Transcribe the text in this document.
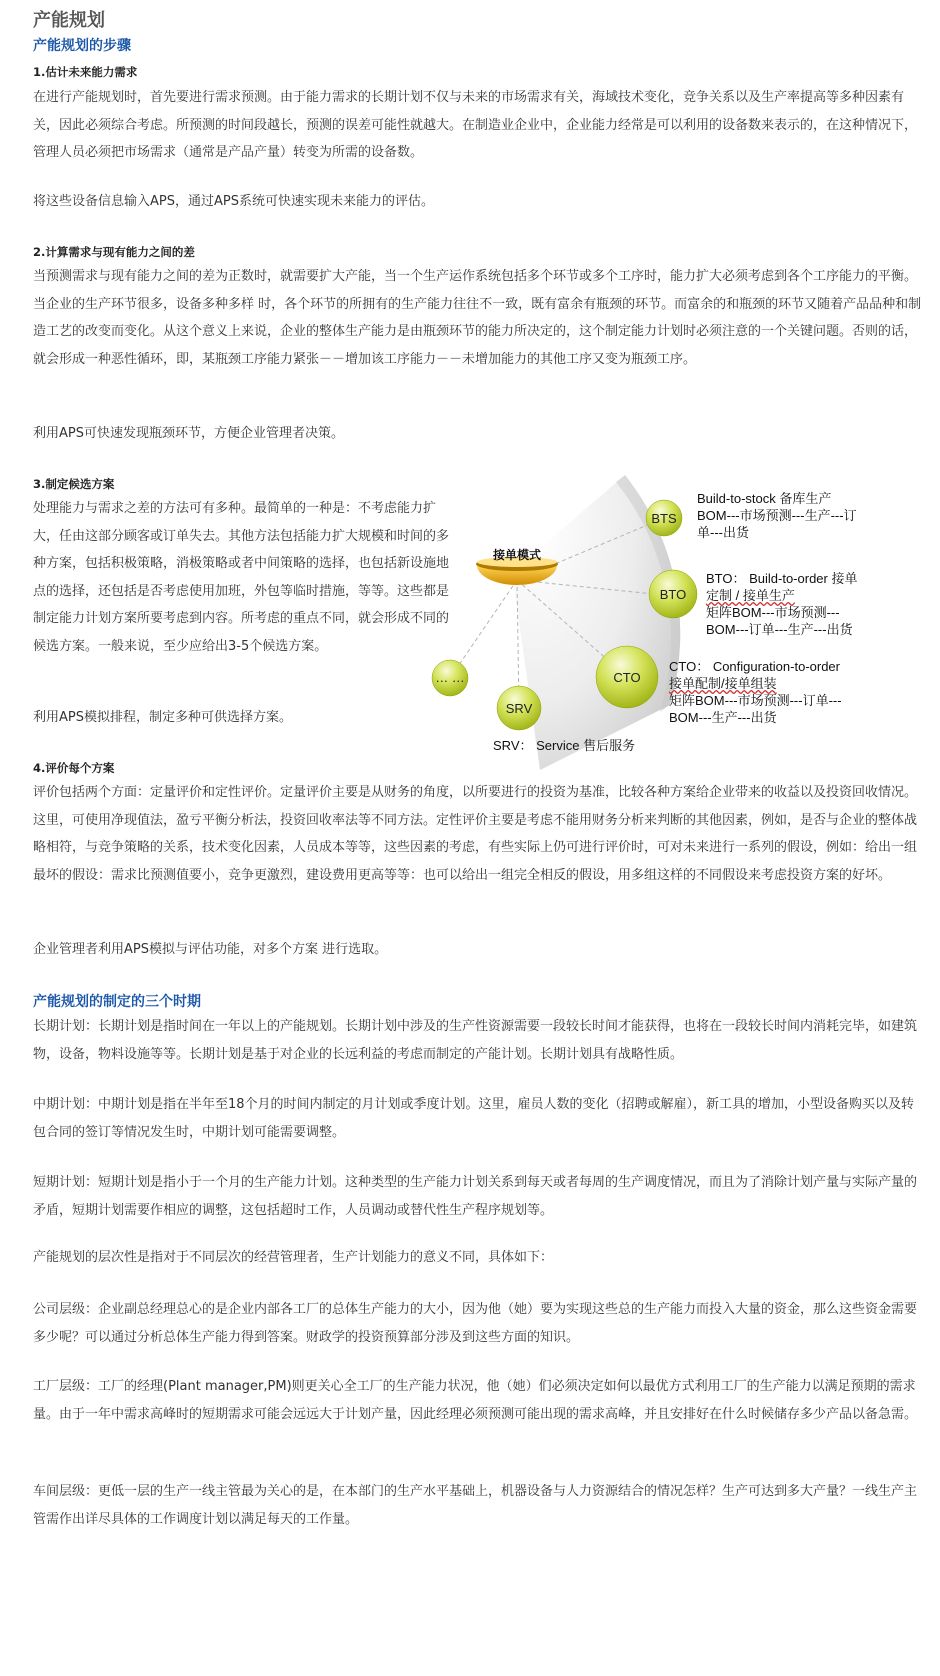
产能规划
产能规划的步骤
1.估计未来能力需求

在进行产能规划时，首先要进行需求预测。由于能力需求的长期计划不仅与未来的市场需求有关，海域技术变化，竞争关系以及生产率提高等多种因素有关，因此必须综合考虑。所预测的时间段越长，预测的误差可能性就越大。在制造业企业中，企业能力经常是可以利用的设备数来表示的，在这种情况下，管理人员必须把市场需求（通常是产品产量）转变为所需的设备数。

将这些设备信息输入APS，通过APS系统可快速实现未来能力的评估。

2.计算需求与现有能力之间的差

当预测需求与现有能力之间的差为正数时，就需要扩大产能，当一个生产运作系统包括多个环节或多个工序时，能力扩大必须考虑到各个工序能力的平衡。当企业的生产环节很多，设备多种多样 时，各个环节的所拥有的生产能力往往不一致，既有富余有瓶颈的环节。而富余的和瓶颈的环节又随着产品品种和制造工艺的改变而变化。从这个意义上来说，企业的整体生产能力是由瓶颈环节的能力所决定的，这个制定能力计划时必须注意的一个关键问题。否则的话，就会形成一种恶性循环，即，某瓶颈工序能力紧张－－增加该工序能力－－未增加能力的其他工序又变为瓶颈工序。

利用APS可快速发现瓶颈环节，方便企业管理者决策。

3.制定候选方案

处理能力与需求之差的方法可有多种。最简单的一种是：不考虑能力扩大，任由这部分顾客或订单失去。其他方法包括能力扩大规模和时间的多种方案，包括积极策略，消极策略或者中间策略的选择，也包括新设施地点的选择，还包括是否考虑使用加班，外包等临时措施，等等。这些都是制定能力计划方案所要考虑到内容。所考虑的重点不同，就会形成不同的候选方案。一般来说，至少应给出3-5个候选方案。

利用APS模拟排程，制定多种可供选择方案。

接单模式
BTS
BTO
CTO
SRV
… …
Build-to-stock 备库生产
BOM---市场预测---生产---订
单---出货
BTO： Build-to-order 接单
定制 / 接单生产
矩阵BOM---市场预测---
BOM---订单---生产---出货
CTO： Configuration-to-order
接单配制/接单组装
矩阵BOM---市场预测---订单---
BOM---生产---出货
SRV： Service 售后服务
4.评价每个方案

评价包括两个方面：定量评价和定性评价。定量评价主要是从财务的角度，以所要进行的投资为基准，比较各种方案给企业带来的收益以及投资回收情况。这里，可使用净现值法，盈亏平衡分析法，投资回收率法等不同方法。定性评价主要是考虑不能用财务分析来判断的其他因素，例如，是否与企业的整体战略相符，与竞争策略的关系，技术变化因素，人员成本等等，这些因素的考虑，有些实际上仍可进行评价时，可对未来进行一系列的假设，例如：给出一组最坏的假设：需求比预测值要小，竞争更激烈，建设费用更高等等：也可以给出一组完全相反的假设，用多组这样的不同假设来考虑投资方案的好坏。

企业管理者利用APS模拟与评估功能，对多个方案 进行选取。

产能规划的制定的三个时期

长期计划：长期计划是指时间在一年以上的产能规划。长期计划中涉及的生产性资源需要一段较长时间才能获得，也将在一段较长时间内消耗完毕，如建筑物，设备，物料设施等等。长期计划是基于对企业的长远利益的考虑而制定的产能计划。长期计划具有战略性质。

中期计划：中期计划是指在半年至18个月的时间内制定的月计划或季度计划。这里，雇员人数的变化（招聘或解雇），新工具的增加，小型设备购买以及转包合同的签订等情况发生时，中期计划可能需要调整。

短期计划：短期计划是指小于一个月的生产能力计划。这种类型的生产能力计划关系到每天或者每周的生产调度情况，而且为了消除计划产量与实际产量的矛盾，短期计划需要作相应的调整，这包括超时工作，人员调动或替代性生产程序规划等。

产能规划的层次性是指对于不同层次的经营管理者，生产计划能力的意义不同，具体如下：

公司层级：企业副总经理总心的是企业内部各工厂的总体生产能力的大小，因为他（她）要为实现这些总的生产能力而投入大量的资金，那么这些资金需要多少呢？可以通过分析总体生产能力得到答案。财政学的投资预算部分涉及到这些方面的知识。

工厂层级：工厂的经理(Plant manager,PM)则更关心全工厂的生产能力状况，他（她）们必须决定如何以最优方式利用工厂的生产能力以满足预期的需求量。由于一年中需求高峰时的短期需求可能会远远大于计划产量，因此经理必须预测可能出现的需求高峰，并且安排好在什么时候储存多少产品以备急需。

车间层级：更低一层的生产一线主管最为关心的是，在本部门的生产水平基础上，机器设备与人力资源结合的情况怎样？生产可达到多大产量？一线生产主管需作出详尽具体的工作调度计划以满足每天的工作量。
